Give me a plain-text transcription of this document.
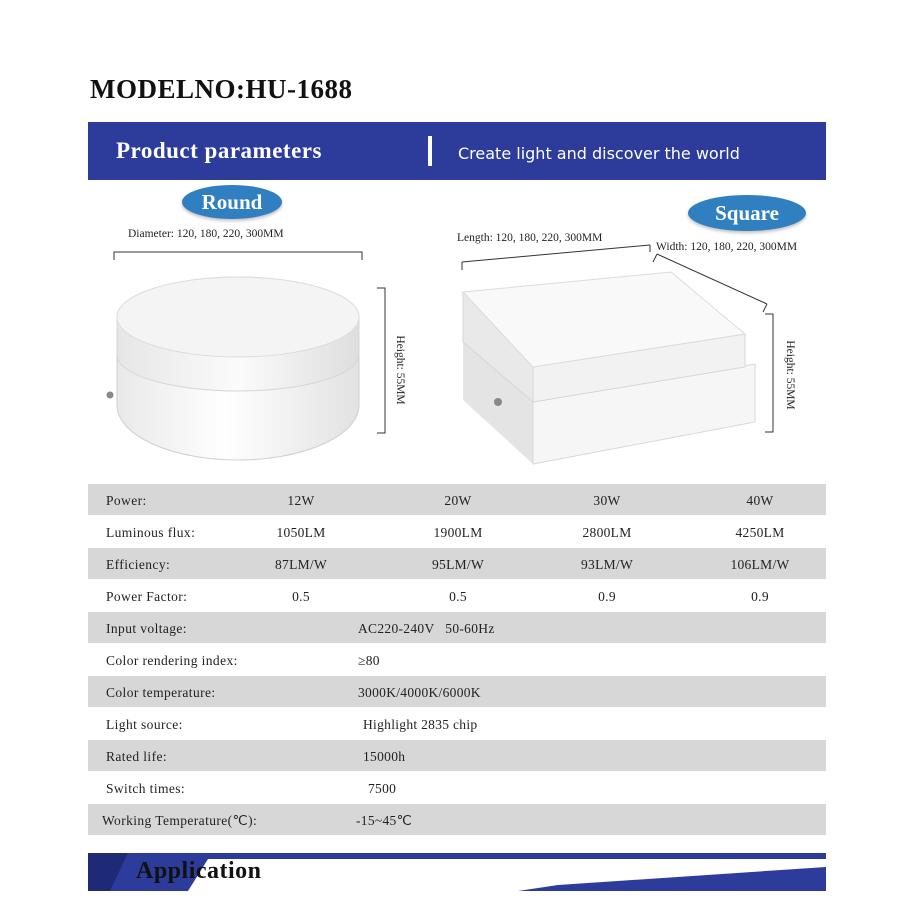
MODELNO:HU-1688
Product parameters	Create light and discover the world
Round	Square
Diameter: 120, 180, 220, 300MM	Length: 120, 180, 220, 300MM
Width: 120, 180, 220, 300MM
Height: 55MM	Height: 55MM
Power:	12W	20W	30W	40W
Luminous flux:	1050LM	1900LM	2800LM	4250LM
Efficiency:	87LM/W	95LM/W	93LM/W	106LM/W
Power Factor:	0.5	0.5	0.9	0.9
Input voltage:	AC220-240V   50-60Hz
Color rendering index:	≥80
Color temperature:	3000K/4000K/6000K
Light source:	Highlight 2835 chip
Rated life:	15000h
Switch times:	7500
Working Temperature(℃):	-15~45℃
Application
